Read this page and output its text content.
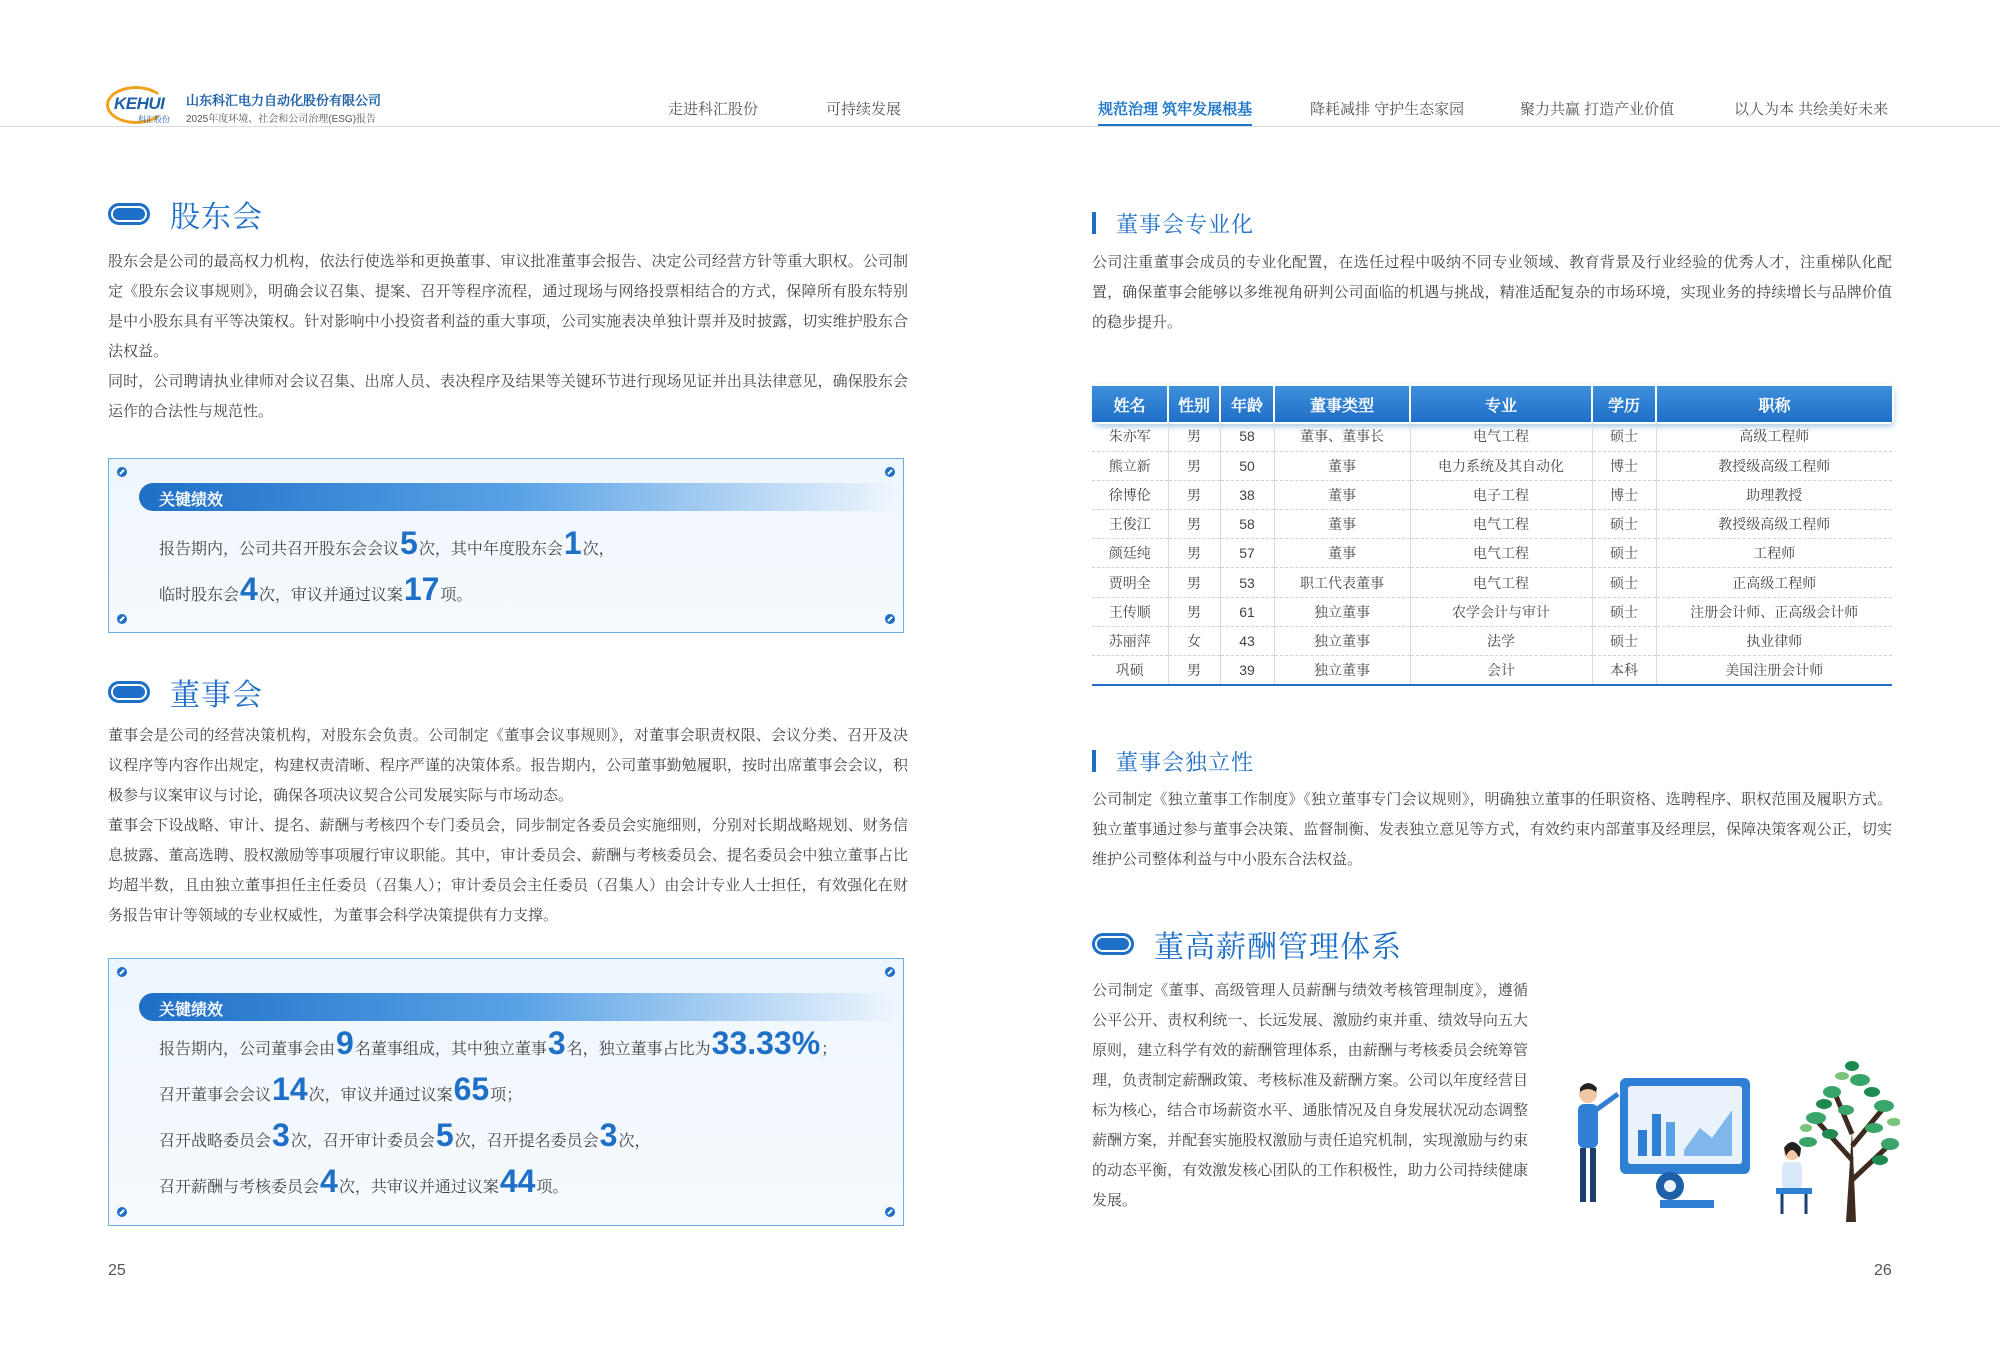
KEHUI
科汇股份
山东科汇电力自动化股份有限公司
2025年度环境、社会和公司治理(ESG)报告
走进科汇股份	可持续发展	规范治理 筑牢发展根基	降耗减排 守护生态家园	聚力共赢 打造产业价值	以人为本 共绘美好未来
股东会
股东会是公司的最高权力机构，依法行使选举和更换董事、审议批准董事会报告、决定公司经营方针等重大职权。公司制定《股东会议事规则》，明确会议召集、提案、召开等程序流程，通过现场与网络投票相结合的方式，保障所有股东特别是中小股东具有平等决策权。针对影响中小投资者利益的重大事项，公司实施表决单独计票并及时披露，切实维护股东合法权益。
同时，公司聘请执业律师对会议召集、出席人员、表决程序及结果等关键环节进行现场见证并出具法律意见，确保股东会运作的合法性与规范性。
关键绩效
报告期内，公司共召开股东会会议 5 次，其中年度股东会 1 次，
临时股东会 4 次，审议并通过议案 17 项。
董事会
董事会是公司的经营决策机构，对股东会负责。公司制定《董事会议事规则》，对董事会职责权限、会议分类、召开及决议程序等内容作出规定，构建权责清晰、程序严谨的决策体系。报告期内，公司董事勤勉履职，按时出席董事会会议，积极参与议案审议与讨论，确保各项决议契合公司发展实际与市场动态。
董事会下设战略、审计、提名、薪酬与考核四个专门委员会，同步制定各委员会实施细则，分别对长期战略规划、财务信息披露、董高选聘、股权激励等事项履行审议职能。其中，审计委员会、薪酬与考核委员会、提名委员会中独立董事占比均超半数，且由独立董事担任主任委员（召集人）；审计委员会主任委员（召集人）由会计专业人士担任，有效强化在财务报告审计等领域的专业权威性，为董事会科学决策提供有力支撑。
关键绩效
报告期内，公司董事会由 9 名董事组成，其中独立董事 3 名，独立董事占比为 33.33% ；
召开董事会会议 14 次，审议并通过议案 65 项；
召开战略委员会 3 次，召开审计委员会 5 次，召开提名委员会 3 次，
召开薪酬与考核委员会 4 次，共审议并通过议案 44 项。
25
董事会专业化
公司注重董事会成员的专业化配置，在选任过程中吸纳不同专业领域、教育背景及行业经验的优秀人才，注重梯队化配置，确保董事会能够以多维视角研判公司面临的机遇与挑战，精准适配复杂的市场环境，实现业务的持续增长与品牌价值的稳步提升。
姓名	性别	年龄	董事类型	专业	学历	职称
朱亦军	男	58	董事、董事长	电气工程	硕士	高级工程师
熊立新	男	50	董事	电力系统及其自动化	博士	教授级高级工程师
徐博伦	男	38	董事	电子工程	博士	助理教授
王俊江	男	58	董事	电气工程	硕士	教授级高级工程师
颜廷纯	男	57	董事	电气工程	硕士	工程师
贾明全	男	53	职工代表董事	电气工程	硕士	正高级工程师
王传顺	男	61	独立董事	农学会计与审计	硕士	注册会计师、正高级会计师
苏丽萍	女	43	独立董事	法学	硕士	执业律师
巩硕	男	39	独立董事	会计	本科	美国注册会计师
董事会独立性
公司制定《独立董事工作制度》《独立董事专门会议规则》，明确独立董事的任职资格、选聘程序、职权范围及履职方式。独立董事通过参与董事会决策、监督制衡、发表独立意见等方式，有效约束内部董事及经理层，保障决策客观公正，切实维护公司整体利益与中小股东合法权益。
董高薪酬管理体系
公司制定《董事、高级管理人员薪酬与绩效考核管理制度》，遵循公平公开、责权利统一、长远发展、激励约束并重、绩效导向五大原则，建立科学有效的薪酬管理体系，由薪酬与考核委员会统筹管理，负责制定薪酬政策、考核标准及薪酬方案。公司以年度经营目标为核心，结合市场薪资水平、通胀情况及自身发展状况动态调整薪酬方案，并配套实施股权激励与责任追究机制，实现激励与约束的动态平衡，有效激发核心团队的工作积极性，助力公司持续健康发展。
26
